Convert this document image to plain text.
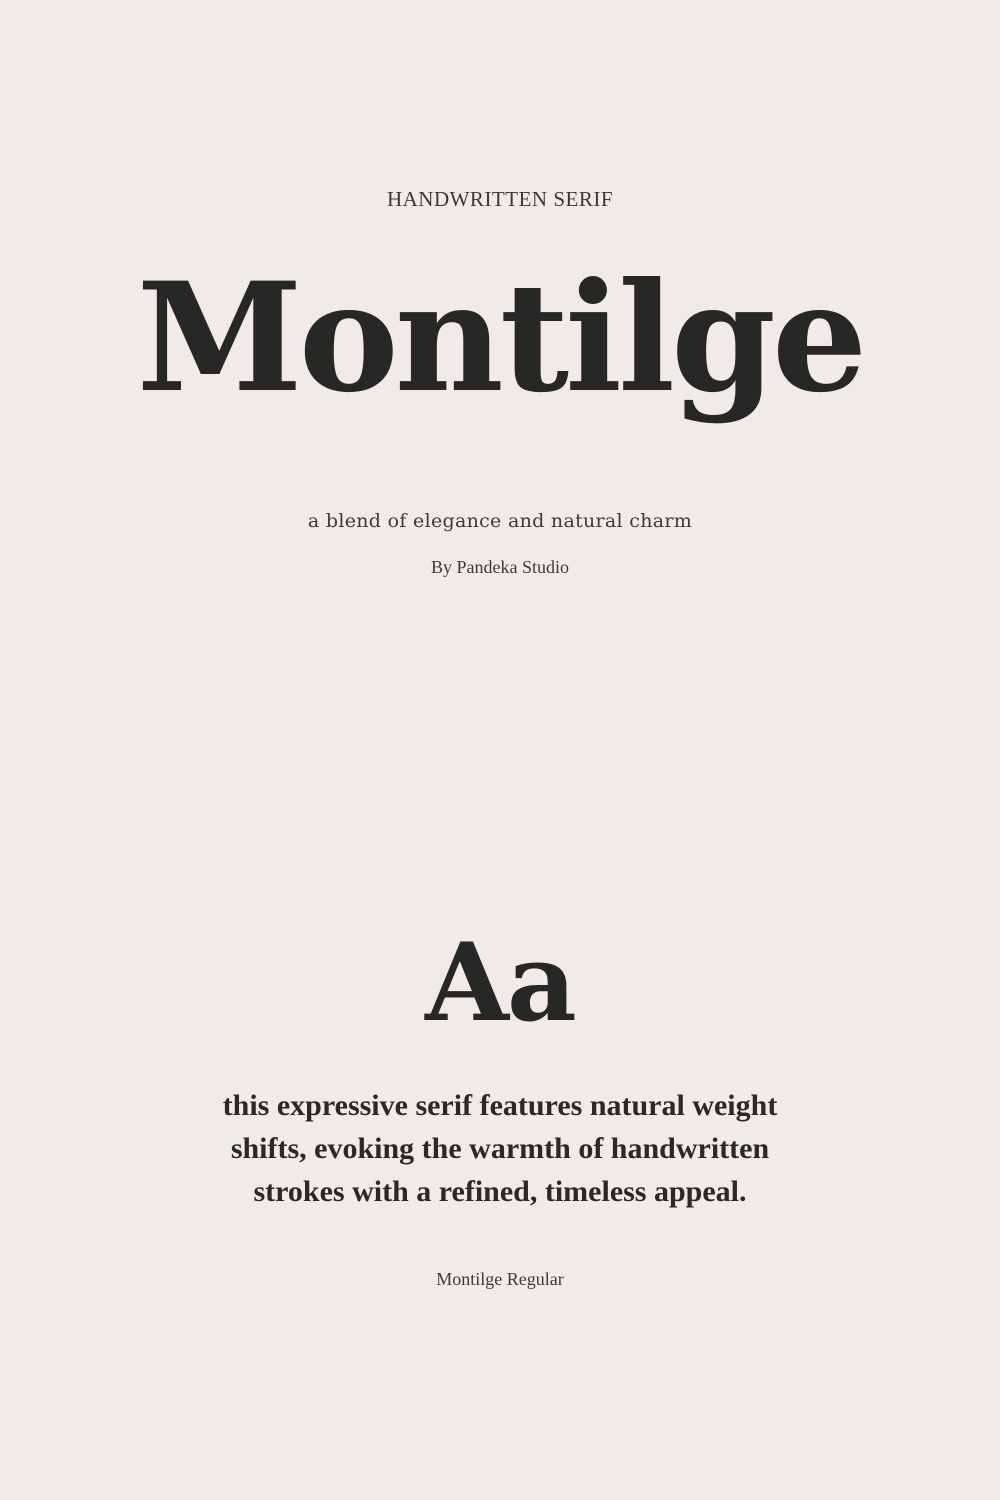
HANDWRITTEN SERIF
Montilge
a blend of elegance and natural charm
By Pandeka Studio
Aa
this expressive serif features natural weight
shifts, evoking the warmth of handwritten
strokes with a refined, timeless appeal.
Montilge Regular
